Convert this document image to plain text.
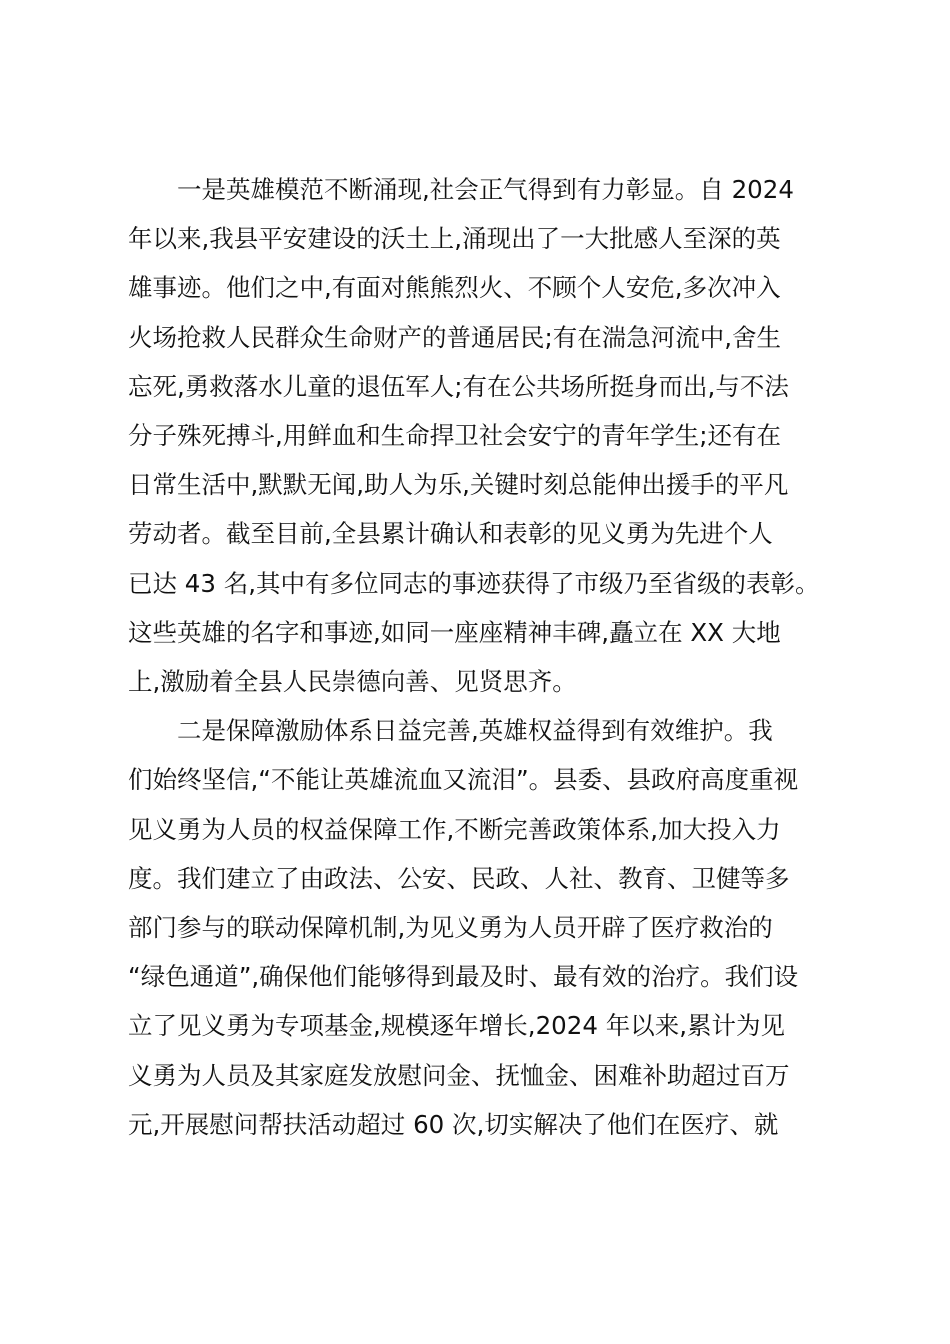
一是英雄模范不断涌现,社会正气得到有力彰显。自 2024
年以来,我县平安建设的沃土上,涌现出了一大批感人至深的英
雄事迹。他们之中,有面对熊熊烈火、不顾个人安危,多次冲入
火场抢救人民群众生命财产的普通居民;有在湍急河流中,舍生
忘死,勇救落水儿童的退伍军人;有在公共场所挺身而出,与不法
分子殊死搏斗,用鲜血和生命捍卫社会安宁的青年学生;还有在
日常生活中,默默无闻,助人为乐,关键时刻总能伸出援手的平凡
劳动者。截至目前,全县累计确认和表彰的见义勇为先进个人
已达 43 名,其中有多位同志的事迹获得了市级乃至省级的表彰。
这些英雄的名字和事迹,如同一座座精神丰碑,矗立在 XX 大地
上,激励着全县人民崇德向善、见贤思齐。

二是保障激励体系日益完善,英雄权益得到有效维护。我
们始终坚信,“不能让英雄流血又流泪”。县委、县政府高度重视
见义勇为人员的权益保障工作,不断完善政策体系,加大投入力
度。我们建立了由政法、公安、民政、人社、教育、卫健等多
部门参与的联动保障机制,为见义勇为人员开辟了医疗救治的
“绿色通道”,确保他们能够得到最及时、最有效的治疗。我们设
立了见义勇为专项基金,规模逐年增长,2024 年以来,累计为见
义勇为人员及其家庭发放慰问金、抚恤金、困难补助超过百万
元,开展慰问帮扶活动超过 60 次,切实解决了他们在医疗、就
